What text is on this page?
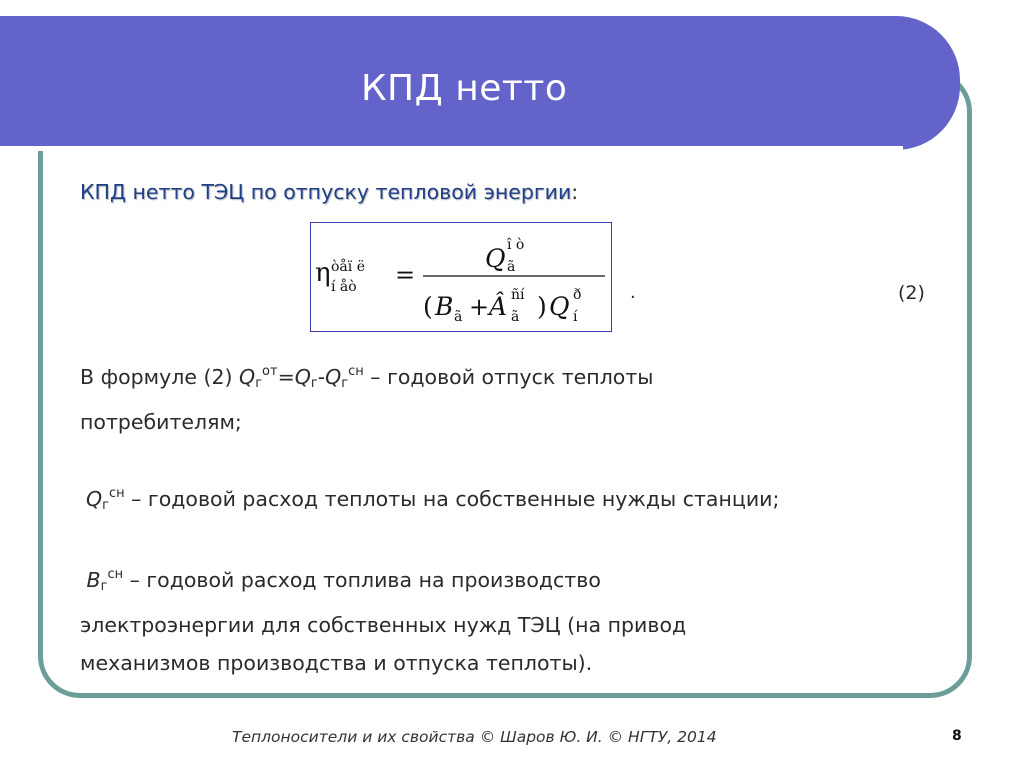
КПД нетто
КПД нетто ТЭЦ по отпуску тепловой энергии:
η òåï ë
í åò =
Q î ò
ã
( B ã + Â ñí
ã ) Q ð
í
.	(2)
В формуле (2) $Q_г^{от}=Q_г-Q_г^{сн}$ – годовой отпуск теплоты
потребителям;
$Q_г^{сн}$ – годовой расход теплоты на собственные нужды станции;
$B_г^{сн}$ – годовой расход топлива на производство
электроэнергии для собственных нужд ТЭЦ (на привод
механизмов производства и отпуска теплоты).
Теплоносители и их свойства © Шаров Ю. И. © НГТУ, 2014	8
